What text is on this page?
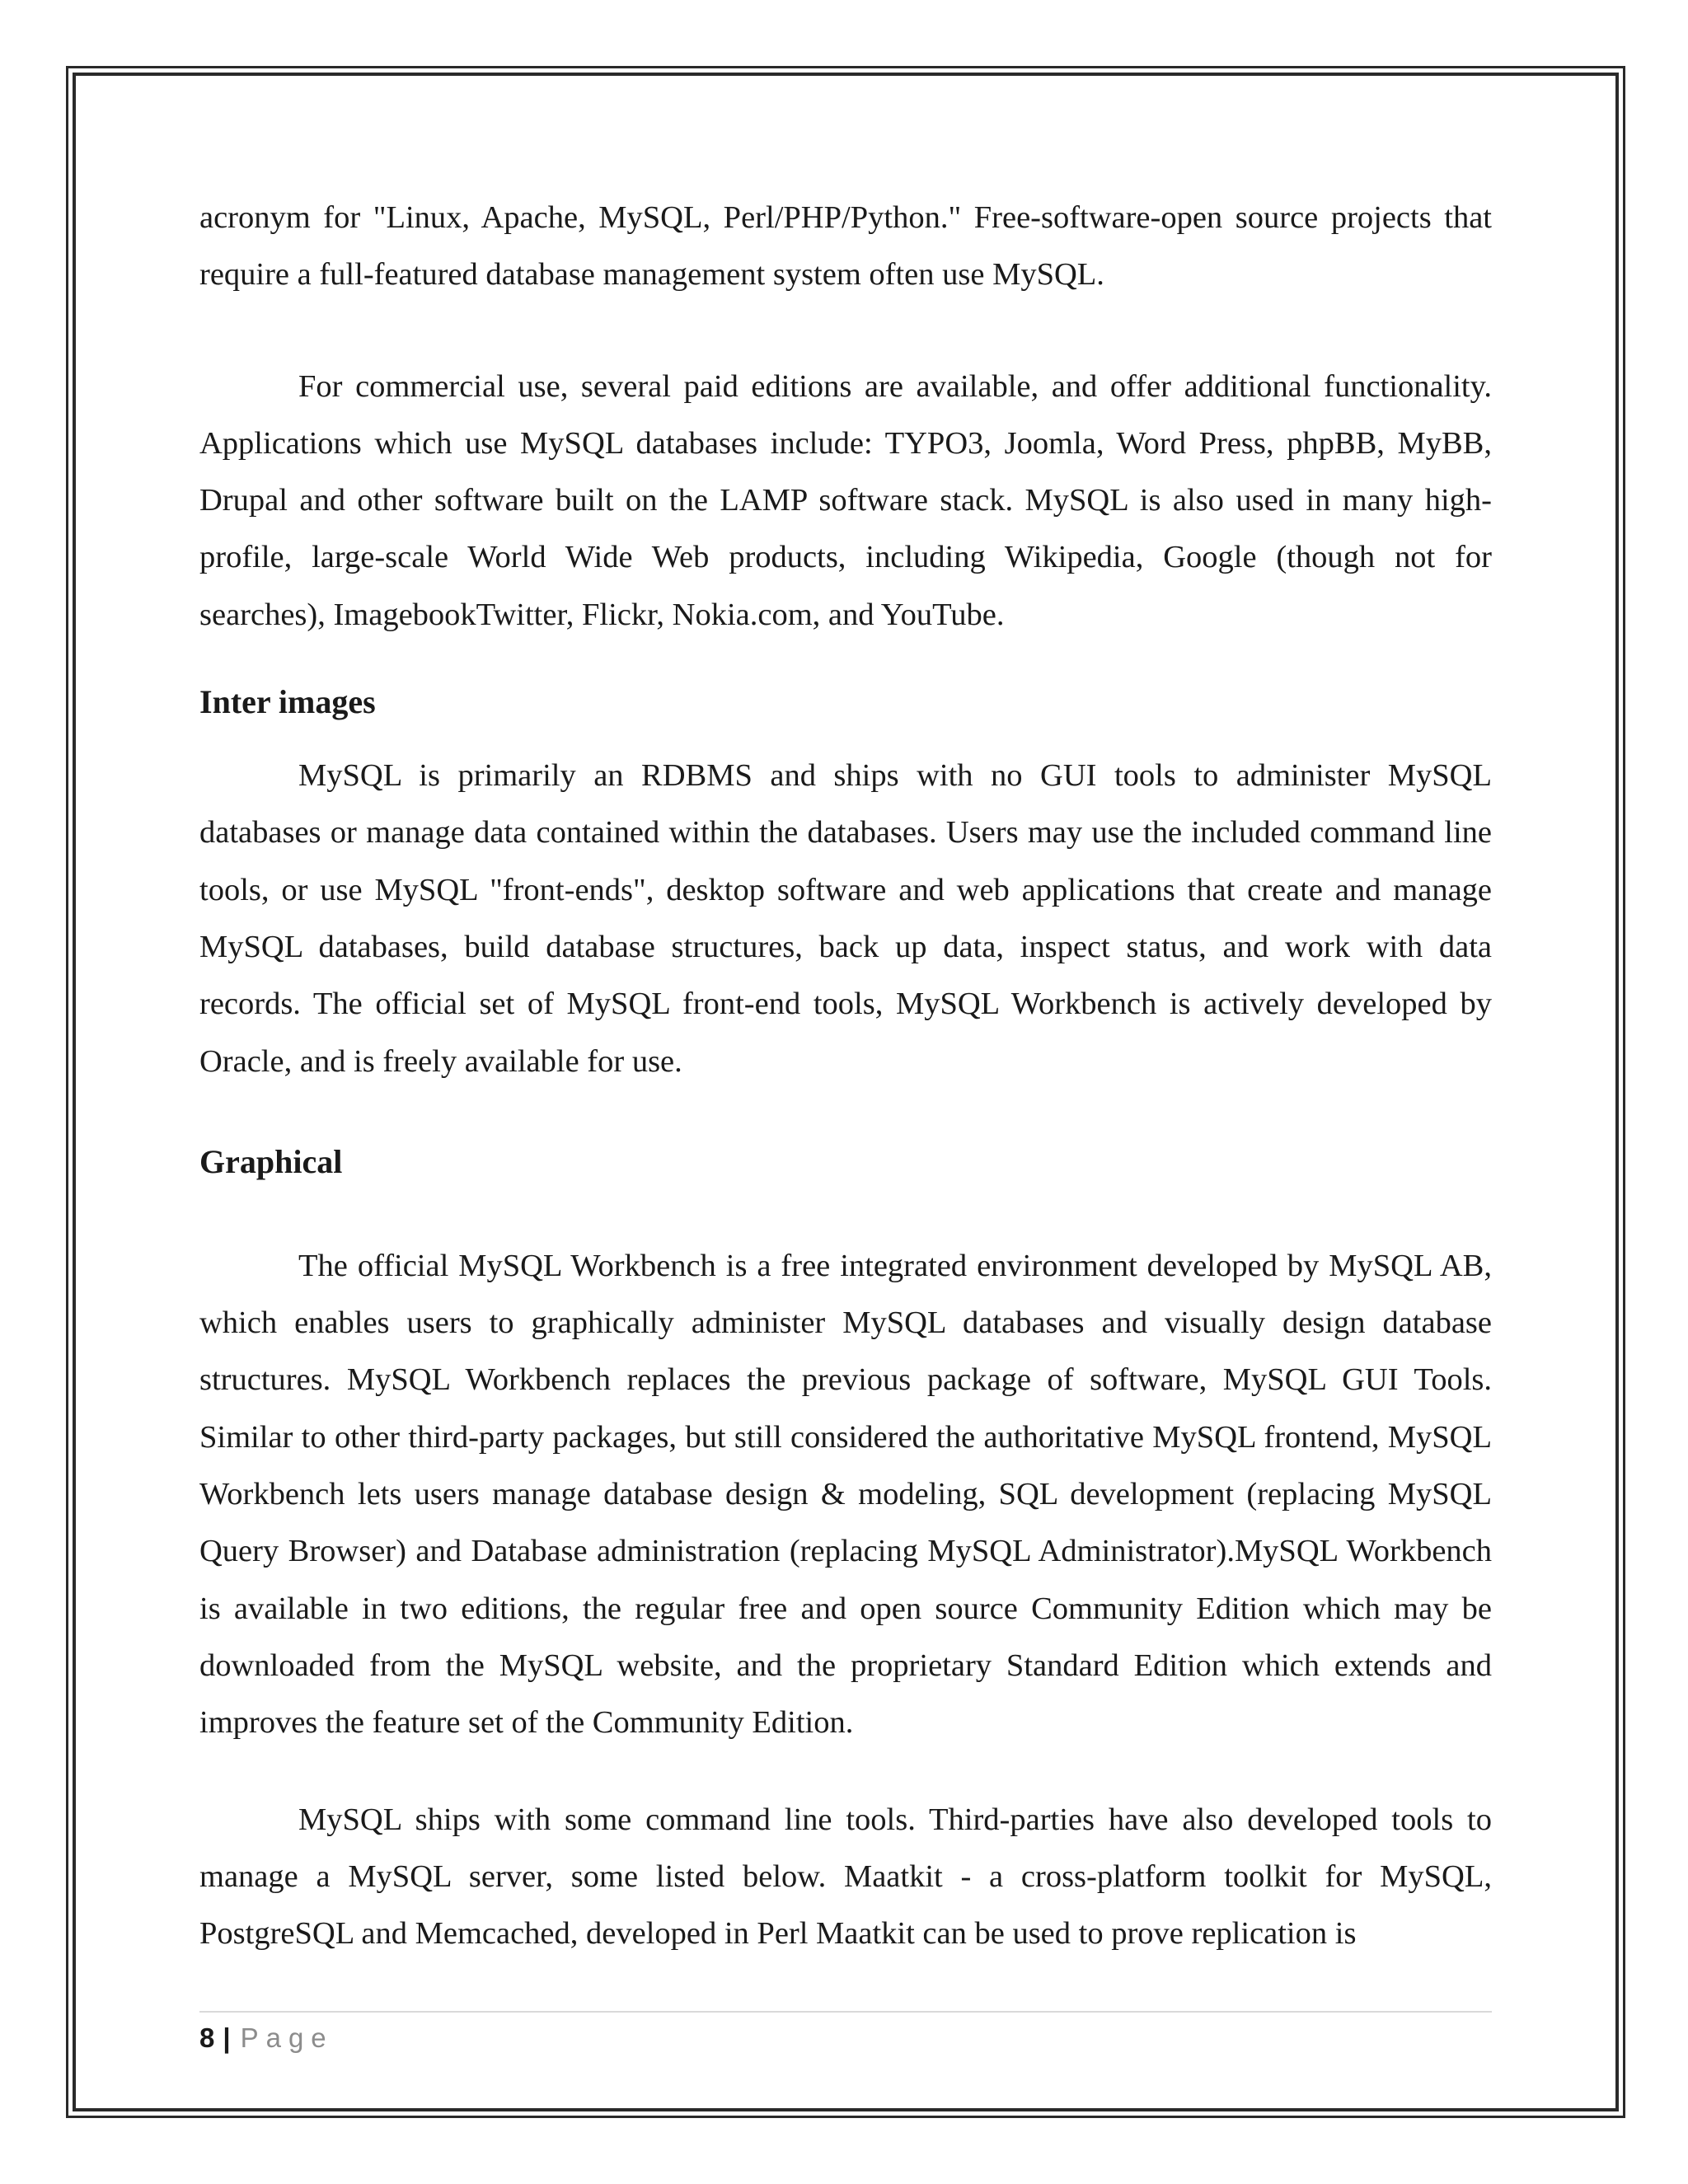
acronym for "Linux, Apache, MySQL, Perl/PHP/Python." Free-software-open source projects that require a full-featured database management system often use MySQL.

For commercial use, several paid editions are available, and offer additional functionality. Applications which use MySQL databases include: TYPO3, Joomla, Word Press, phpBB, MyBB, Drupal and other software built on the LAMP software stack. MySQL is also used in many high-profile, large-scale World Wide Web products, including Wikipedia, Google (though not for searches), ImagebookTwitter, Flickr, Nokia.com, and YouTube.

Inter images

MySQL is primarily an RDBMS and ships with no GUI tools to administer MySQL databases or manage data contained within the databases. Users may use the included command line tools, or use MySQL "front-ends", desktop software and web applications that create and manage MySQL databases, build database structures, back up data, inspect status, and work with data records. The official set of MySQL front-end tools, MySQL Workbench is actively developed by Oracle, and is freely available for use.

Graphical

The official MySQL Workbench is a free integrated environment developed by MySQL AB, which enables users to graphically administer MySQL databases and visually design database structures. MySQL Workbench replaces the previous package of software, MySQL GUI Tools. Similar to other third-party packages, but still considered the authoritative MySQL frontend, MySQL Workbench lets users manage database design & modeling, SQL development (replacing MySQL Query Browser) and Database administration (replacing MySQL Administrator).MySQL Workbench is available in two editions, the regular free and open source Community Edition which may be downloaded from the MySQL website, and the proprietary Standard Edition which extends and improves the feature set of the Community Edition.

MySQL ships with some command line tools. Third-parties have also developed tools to manage a MySQL server, some listed below. Maatkit - a cross-platform toolkit for MySQL, PostgreSQL and Memcached, developed in Perl Maatkit can be used to prove replication is

8 | Page
